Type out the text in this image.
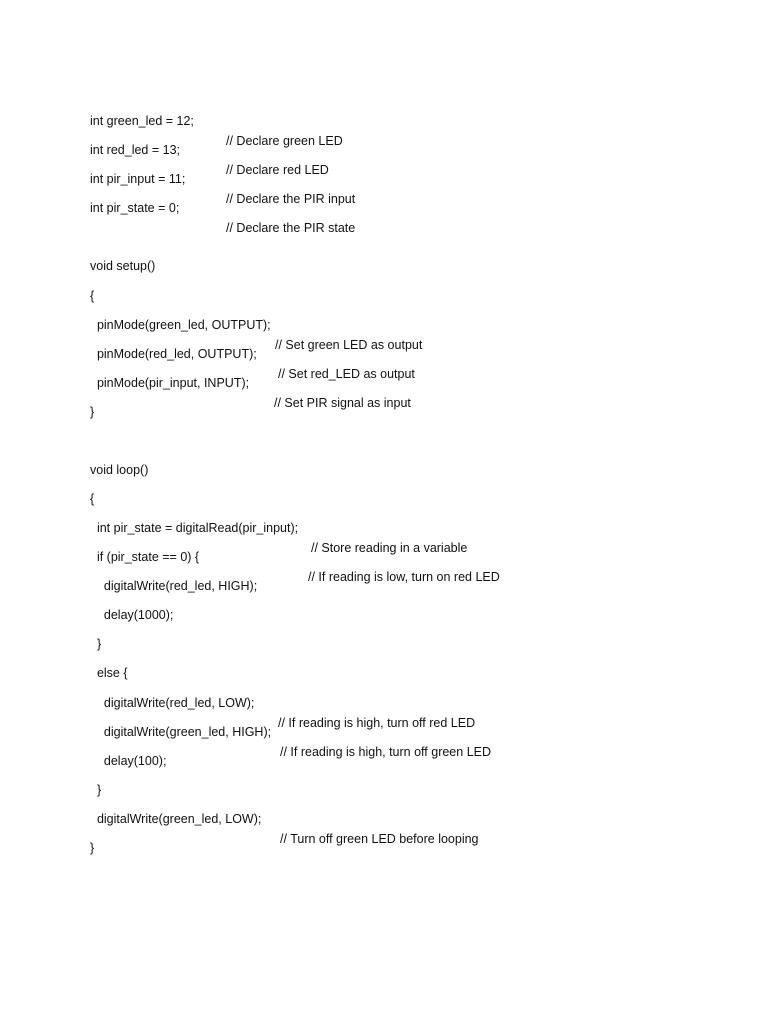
int green_led = 12;

// Declare green LED

int red_led = 13;

// Declare red LED

int pir_input = 11;

// Declare the PIR input

int pir_state = 0;

// Declare the PIR state

void setup()

{

pinMode(green_led, OUTPUT);

// Set green LED as output

pinMode(red_led, OUTPUT);

// Set red_LED as output

pinMode(pir_input, INPUT);

// Set PIR signal as input

}

void loop()

{

int pir_state = digitalRead(pir_input);

// Store reading in a variable

if (pir_state == 0) {

// If reading is low, turn on red LED

digitalWrite(red_led, HIGH);

delay(1000);

}

else {

digitalWrite(red_led, LOW);

// If reading is high, turn off red LED

digitalWrite(green_led, HIGH);

// If reading is high, turn off green LED

delay(100);

}

digitalWrite(green_led, LOW);

// Turn off green LED before looping

}
